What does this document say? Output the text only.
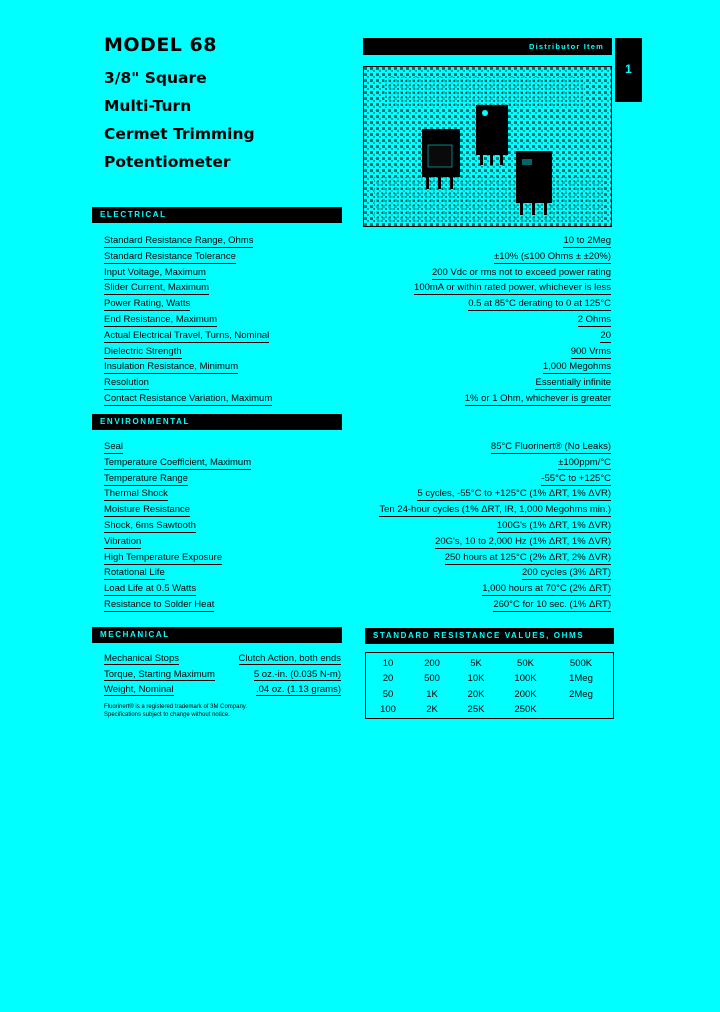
MODEL 68
3/8" Square
Multi-Turn
Cermet Trimming
Potentiometer
Distributor Item
1
ELECTRICAL
Standard Resistance Range, Ohms	10 to 2Meg
Standard Resistance Tolerance	±10% (≤100 Ohms ± ±20%)
Input Voltage, Maximum	200 Vdc or rms not to exceed power rating
Slider Current, Maximum	100mA or within rated power, whichever is less
Power Rating, Watts	0.5 at 85°C derating to 0 at 125°C
End Resistance, Maximum	2 Ohms
Actual Electrical Travel, Turns, Nominal	20
Dielectric Strength	900 Vrms
Insulation Resistance, Minimum	1,000 Megohms
Resolution	Essentially infinite
Contact Resistance Variation, Maximum	1% or 1 Ohm, whichever is greater
ENVIRONMENTAL
Seal	85°C Fluorinert® (No Leaks)
Temperature Coefficient, Maximum	±100ppm/°C
Temperature Range	-55°C to +125°C
Thermal Shock	5 cycles, -55°C to +125°C (1% ΔRT, 1% ΔVR)
Moisture Resistance	Ten 24-hour cycles (1% ΔRT, IR, 1,000 Megohms min.)
Shock, 6ms Sawtooth	100G's (1% ΔRT, 1% ΔVR)
Vibration	20G's, 10 to 2,000 Hz (1% ΔRT, 1% ΔVR)
High Temperature Exposure	250 hours at 125°C (2% ΔRT, 2% ΔVR)
Rotational Life	200 cycles (3% ΔRT)
Load Life at 0.5 Watts	1,000 hours at 70°C (2% ΔRT)
Resistance to Solder Heat	260°C for 10 sec. (1% ΔRT)
MECHANICAL
Mechanical Stops	Clutch Action, both ends
Torque, Starting Maximum	5 oz.-in. (0.035 N-m)
Weight, Nominal	.04 oz. (1.13 grams)
Fluorinert® is a registered trademark of 3M Company.
Specifications subject to change without notice.
STANDARD RESISTANCE VALUES, OHMS
10	200	5K	50K	500K
20	500	10K	100K	1Meg
50	1K	20K	200K	2Meg
100	2K	25K	250K
